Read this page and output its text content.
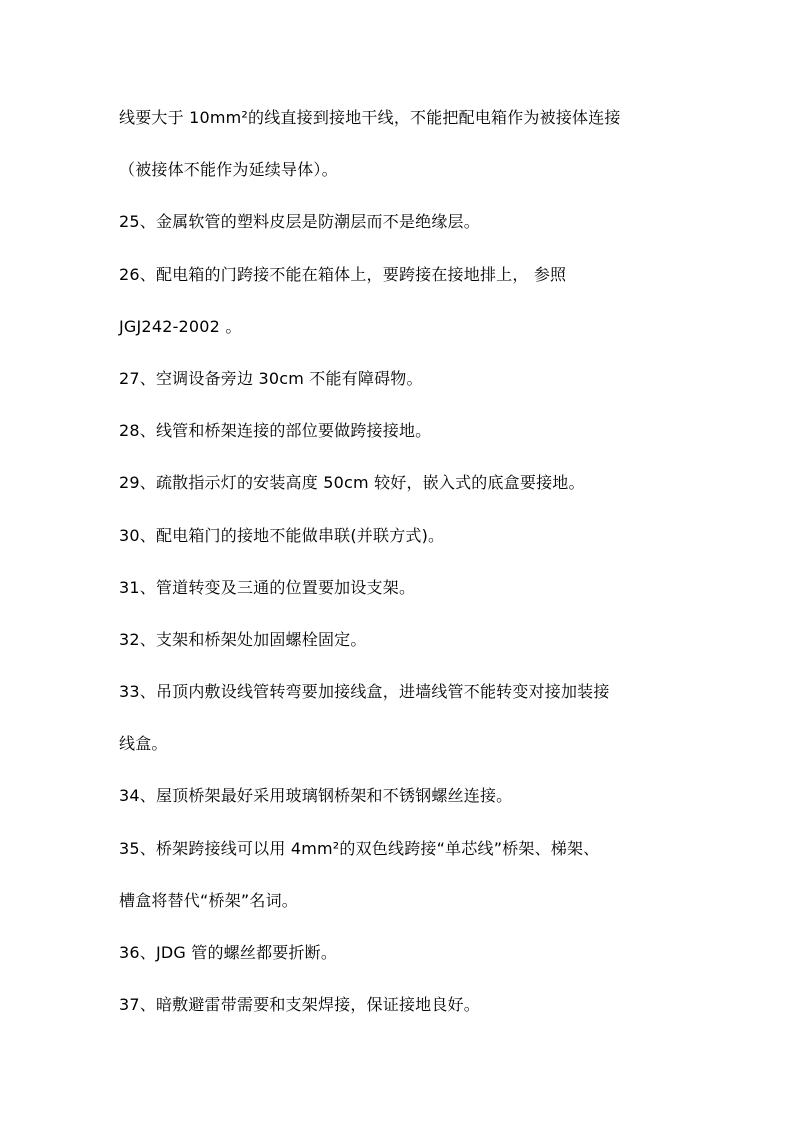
线要大于 10mm²的线直接到接地干线，不能把配电箱作为被接体连接
（被接体不能作为延续导体）。
25、金属软管的塑料皮层是防潮层而不是绝缘层。
26、配电箱的门跨接不能在箱体上，要跨接在接地排上， 参照
JGJ242-2002 。
27、空调设备旁边 30cm 不能有障碍物。
28、线管和桥架连接的部位要做跨接接地。
29、疏散指示灯的安装高度 50cm 较好，嵌入式的底盒要接地。
30、配电箱门的接地不能做串联(并联方式)。
31、管道转变及三通的位置要加设支架。
32、支架和桥架处加固螺栓固定。
33、吊顶内敷设线管转弯要加接线盒，进墙线管不能转变对接加装接
线盒。
34、屋顶桥架最好采用玻璃钢桥架和不锈钢螺丝连接。
35、桥架跨接线可以用 4mm²的双色线跨接“单芯线”桥架、梯架、
槽盒将替代“桥架”名词。
36、JDG 管的螺丝都要折断。
37、暗敷避雷带需要和支架焊接，保证接地良好。
